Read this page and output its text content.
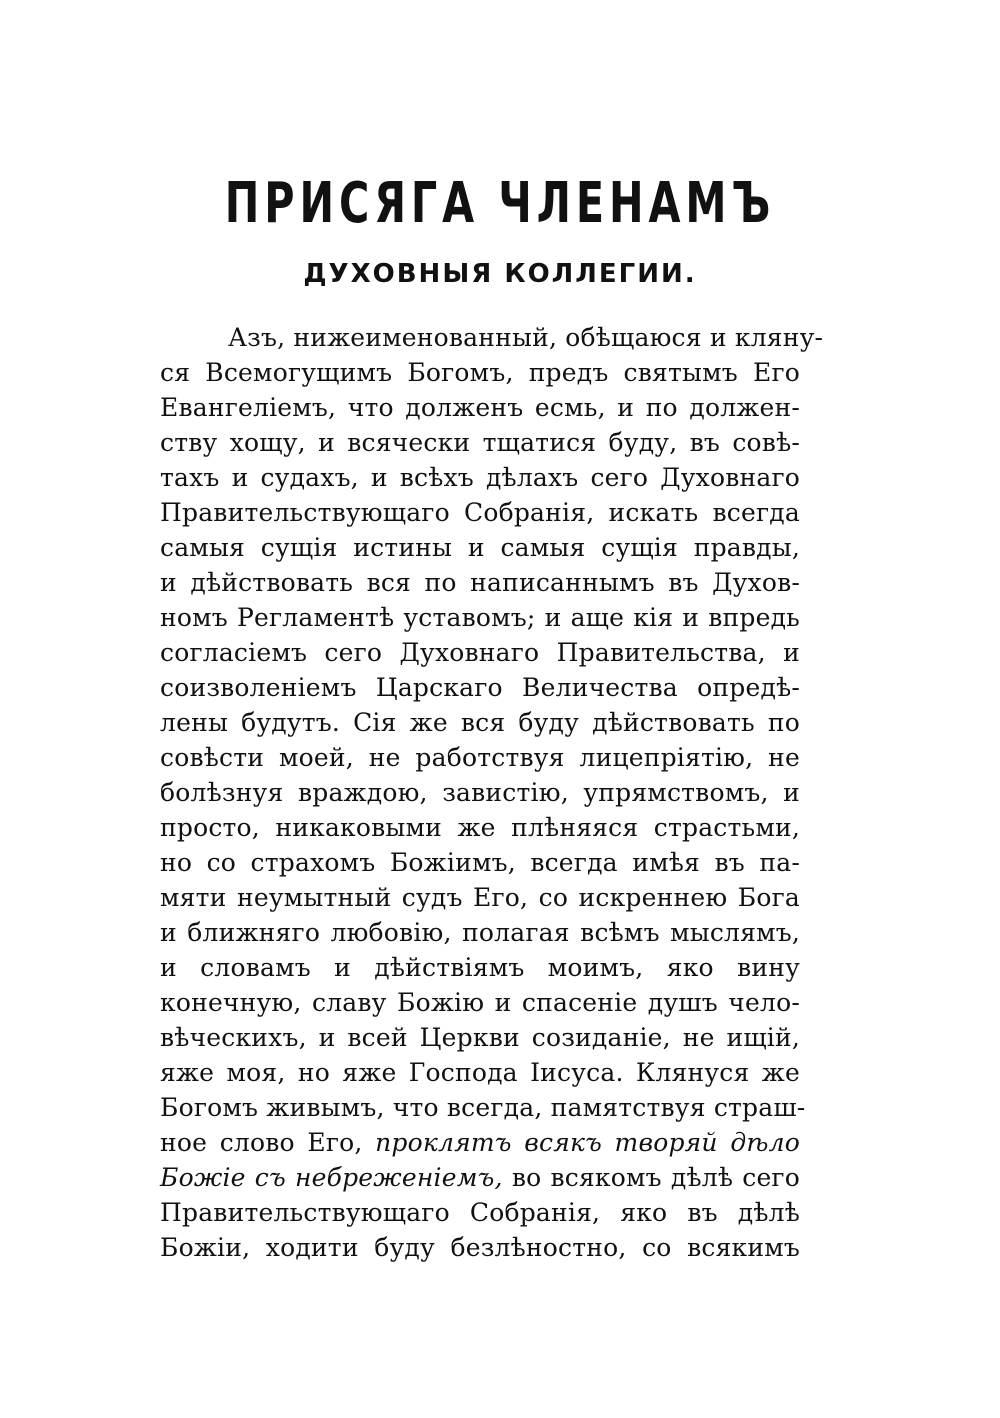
ПРИСЯГА ЧЛЕНАМЪ
ДУХОВНЫЯ КОЛЛЕГИИ.
Азъ, нижеименованный, обѣщаюся и кляну-
ся Всемогущимъ Богомъ, предъ святымъ Его
Евангеліемъ, что долженъ есмь, и по должен-
ству хощу, и всячески тщатися буду, въ совѣ-
тахъ и судахъ, и всѣхъ дѣлахъ сего Духовнаго
Правительствующаго Собранія, искать всегда
самыя сущія истины и самыя сущія правды,
и дѣйствовать вся по написаннымъ въ Духов-
номъ Регламентѣ уставомъ; и аще кія и впредь
согласіемъ сего Духовнаго Правительства, и
соизволеніемъ Царскаго Величества опредѣ-
лены будутъ. Сія же вся буду дѣйствовать по
совѣсти моей, не работствуя лицепріятію, не
болѣзнуя враждою, завистію, упрямствомъ, и
просто, никаковыми же плѣняяся страстьми,
но со страхомъ Божіимъ, всегда имѣя въ па-
мяти неумытный судъ Его, со искреннею Бога
и ближняго любовію, полагая всѣмъ мыслямъ,
и словамъ и дѣйствіямъ моимъ, яко вину
конечную, славу Божію и спасеніе душъ чело-
вѣческихъ, и всей Церкви созиданіе, не ищій,
яже моя, но яже Господа Іисуса. Клянуся же
Богомъ живымъ, что всегда, памятствуя страш-
ное слово Его, проклятъ всякъ творяй дѣло
Божіе съ небреженіемъ, во всякомъ дѣлѣ сего
Правительствующаго Собранія, яко въ дѣлѣ
Божіи, ходити буду безлѣностно, со всякимъ
